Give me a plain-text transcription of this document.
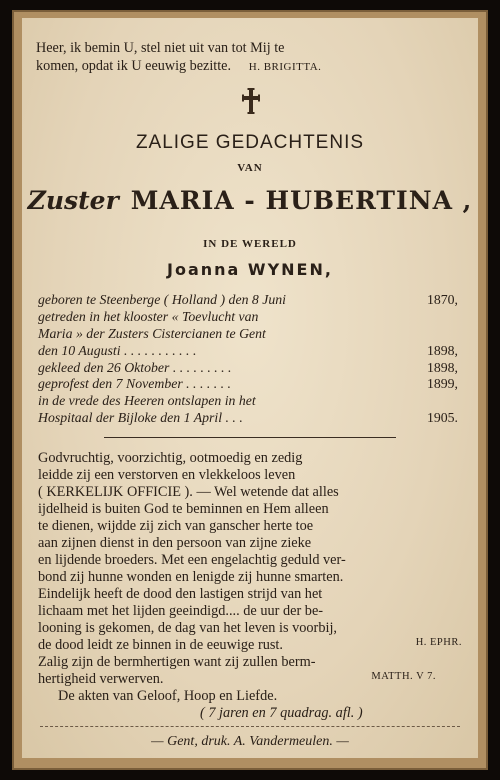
Heer, ik bemin U, stel niet uit van tot Mij te
komen, opdat ik U eeuwig bezitte. H. BRIGITTA.
ZALIGE GEDACHTENIS
VAN
Zuster MARIA - HUBERTINA ,
IN DE WERELD
Joanna WYNEN,
geboren te Steenberge ( Holland ) den 8 Juni	1870,
getreden in het klooster « Toevlucht van
Maria » der Zusters Cistercianen te Gent
den 10 Augusti . . . . . . . . . . .	1898,
gekleed den 26 Oktober . . . . . . . . .	1898,
geprofest den 7 November . . . . . . .	1899,
in de vrede des Heeren ontslapen in het
Hospitaal der Bijloke den 1 April . . .	1905.
Godvruchtig, voorzichtig, ootmoedig en zedig
leidde zij een verstorven en vlekkeloos leven
( KERKELIJK OFFICIE ). — Wel wetende dat alles
ijdelheid is buiten God te beminnen en Hem alleen
te dienen, wijdde zij zich van ganscher herte toe
aan zijnen dienst in den persoon van zijne zieke
en lijdende broeders. Met een engelachtig geduld ver-
bond zij hunne wonden en lenigde zij hunne smarten.
Eindelijk heeft de dood den lastigen strijd van het
lichaam met het lijden geeindigd.... de uur der be-
looning is gekomen, de dag van het leven is voorbij,
de dood leidt ze binnen in de eeuwige rust.	H. EPHR.
Zalig zijn de bermhertigen want zij zullen berm-
hertigheid verwerven.	MATTH. V 7.
De akten van Geloof, Hoop en Liefde.
( 7 jaren en 7 quadrag. afl. )
— Gent, druk. A. Vandermeulen. —
